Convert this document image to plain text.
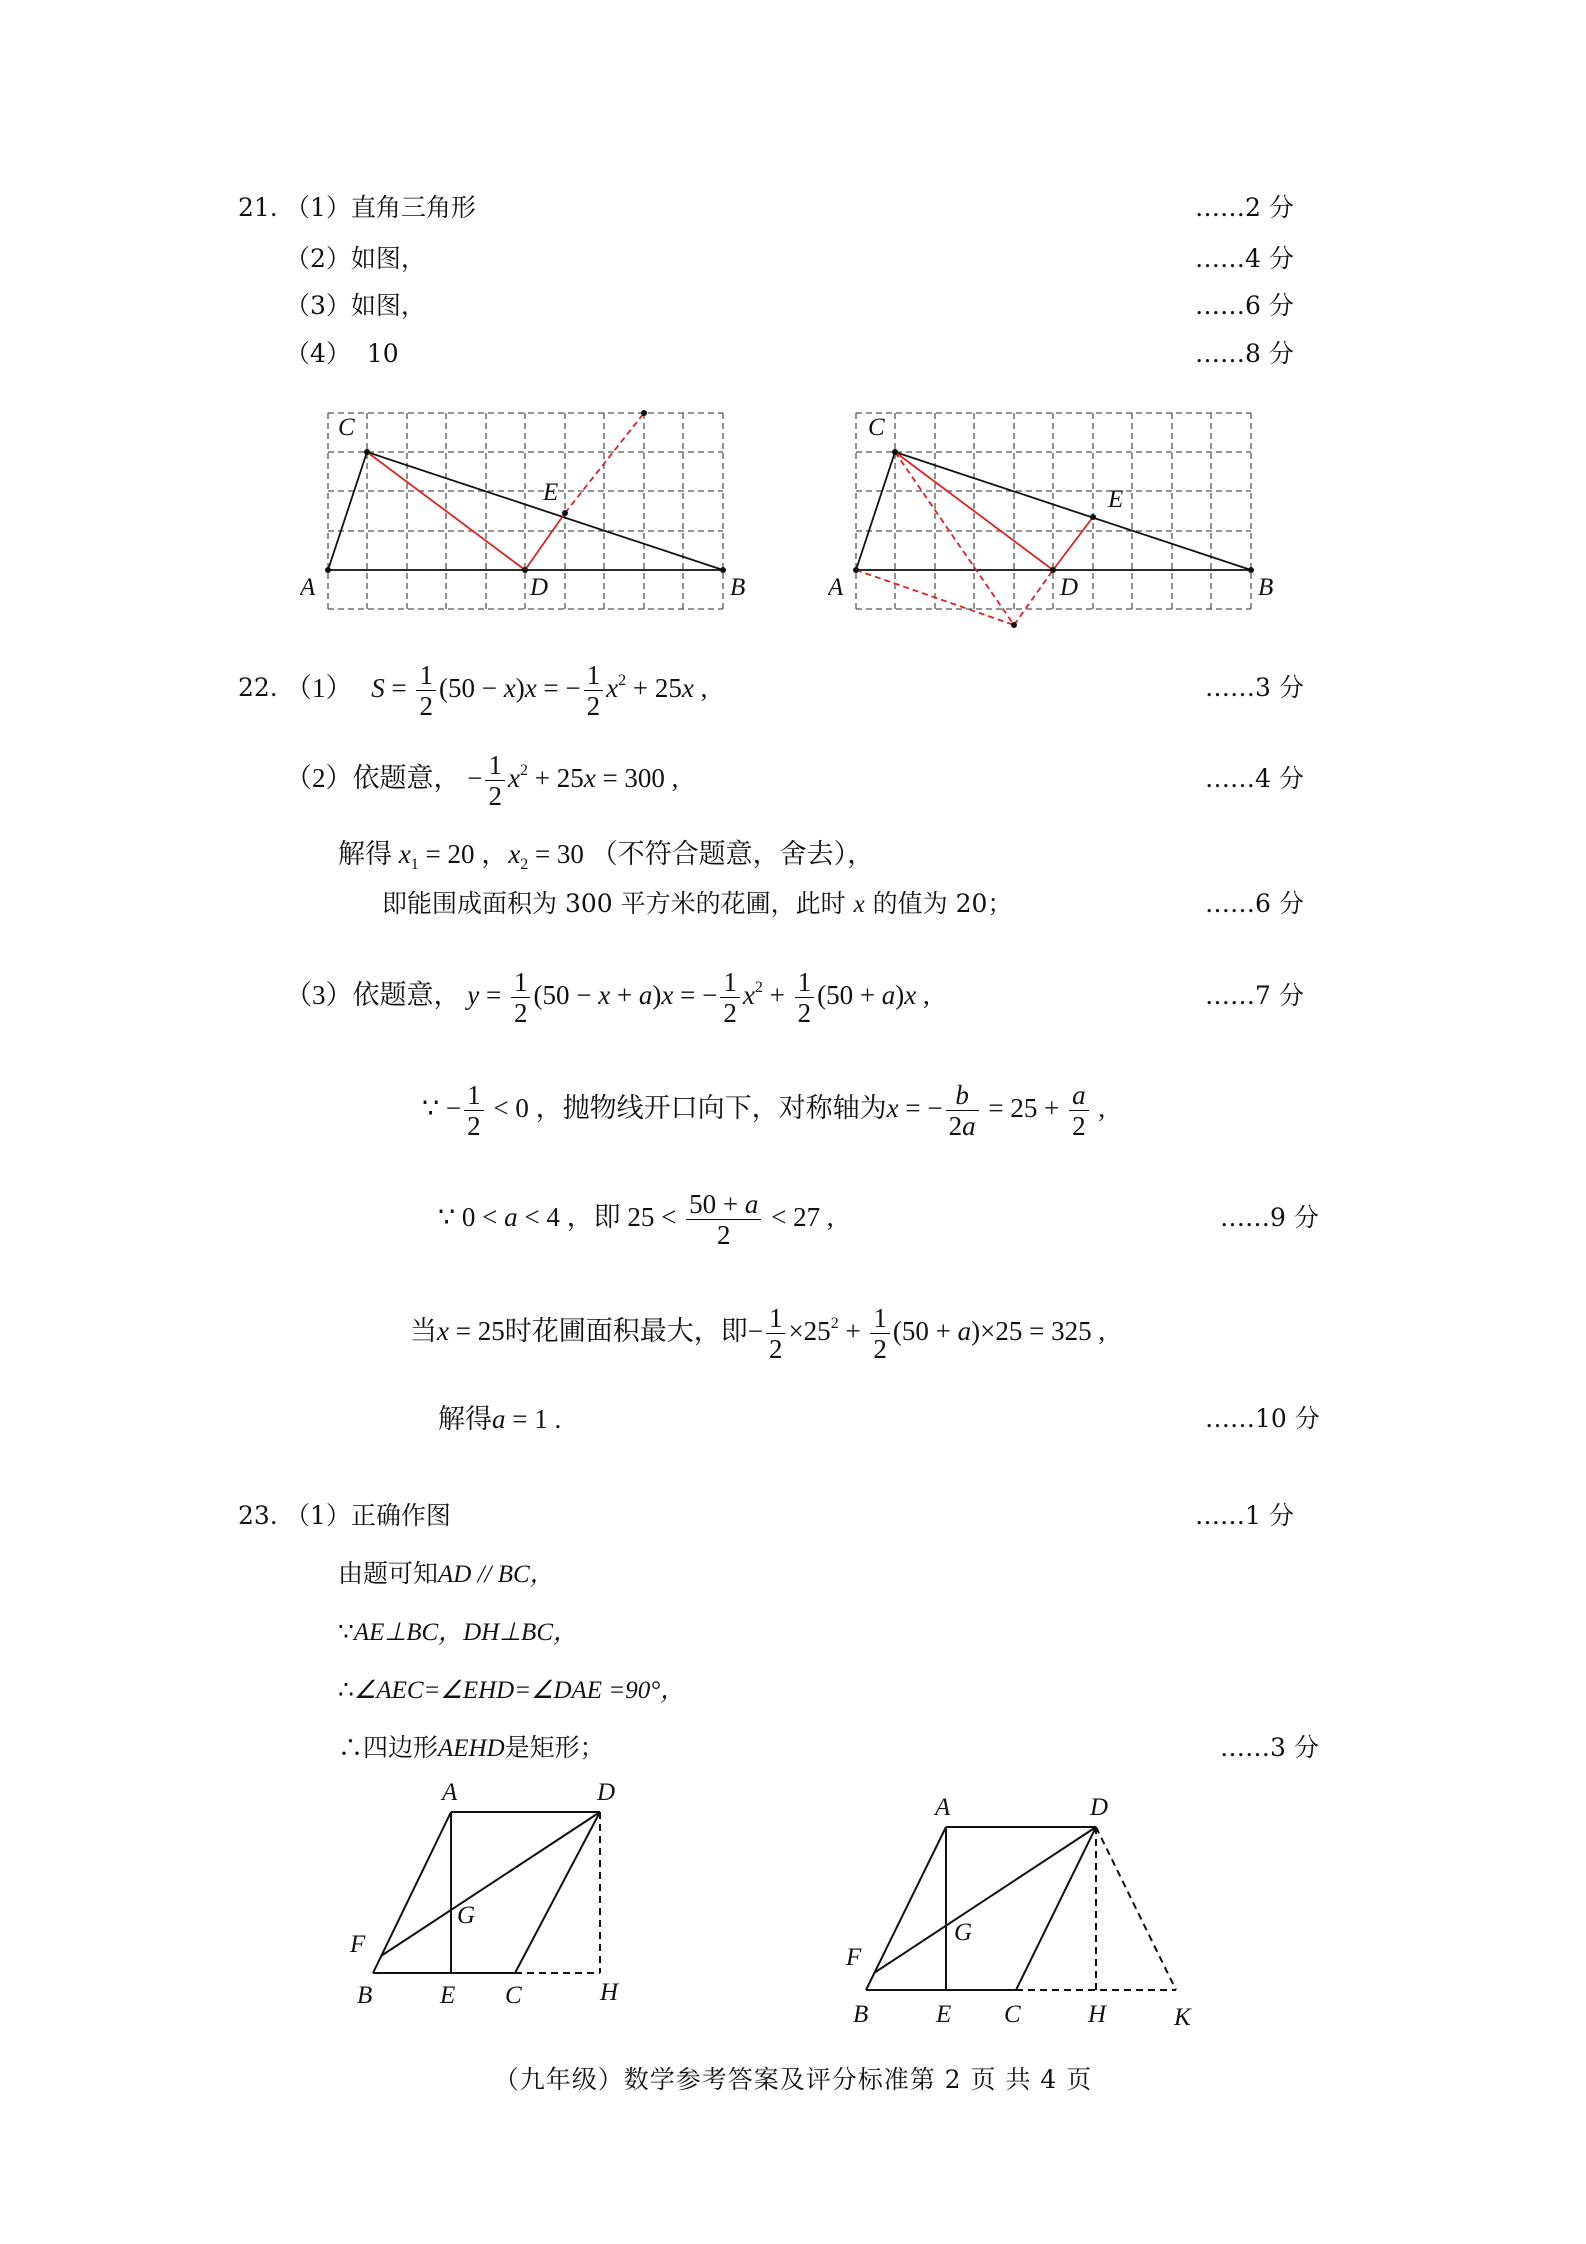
21. （1）直角三角形	……2 分
（2）如图，	……4 分
（3）如图，	……6 分
（4） 10	……8 分
C
E
A	D	B
C
E
A	D	B
22. （1） $S = \frac{1}{2} (50 - x)x$ = − $\frac{1}{2} x^2 + 25x$ ,	……3 分
（2）依题意， − $\frac{1}{2} x^2 + 25x = 300$ ,	……4 分
解得 $x_1 = 20$ ，$x_2 = 30$ （不符合题意，舍去），
即能围成面积为 300 平方米的花圃，此时 x 的值为 20；	……6 分
（3）依题意， $y = \frac{1}{2} (50 - x + a)x$ = − $\frac{1}{2} x^2 + \frac{1}{2} (50 + a)x$ ,	……7 分
∵ − $\frac{1}{2} < 0$ ，抛物线开口向下，对称轴为x = − $\frac{b}{2a} = 25 + \frac{a}{2}$ ,
∵ 0 < a < 4 ，即 $25 < \frac{50 + a}{2} < 27$ ,	……9 分
当x = 25时花圃面积最大，即− $\frac{1}{2} \times 25^2 + \frac{1}{2} (50 + a)\times 25 = 325$ ,
解得a = 1 .	……10 分
23. （1）正确作图	……1 分
由题可知AD // BC，
∵AE⊥BC，DH⊥BC，
∴∠AEC=∠EHD=∠DAE =90°，
∴四边形AEHD是矩形；	……3 分
A	D
F
G
B	E C	H
A	D
F
G
B	E C	H	K
（九年级）数学参考答案及评分标准第 2 页 共 4 页
